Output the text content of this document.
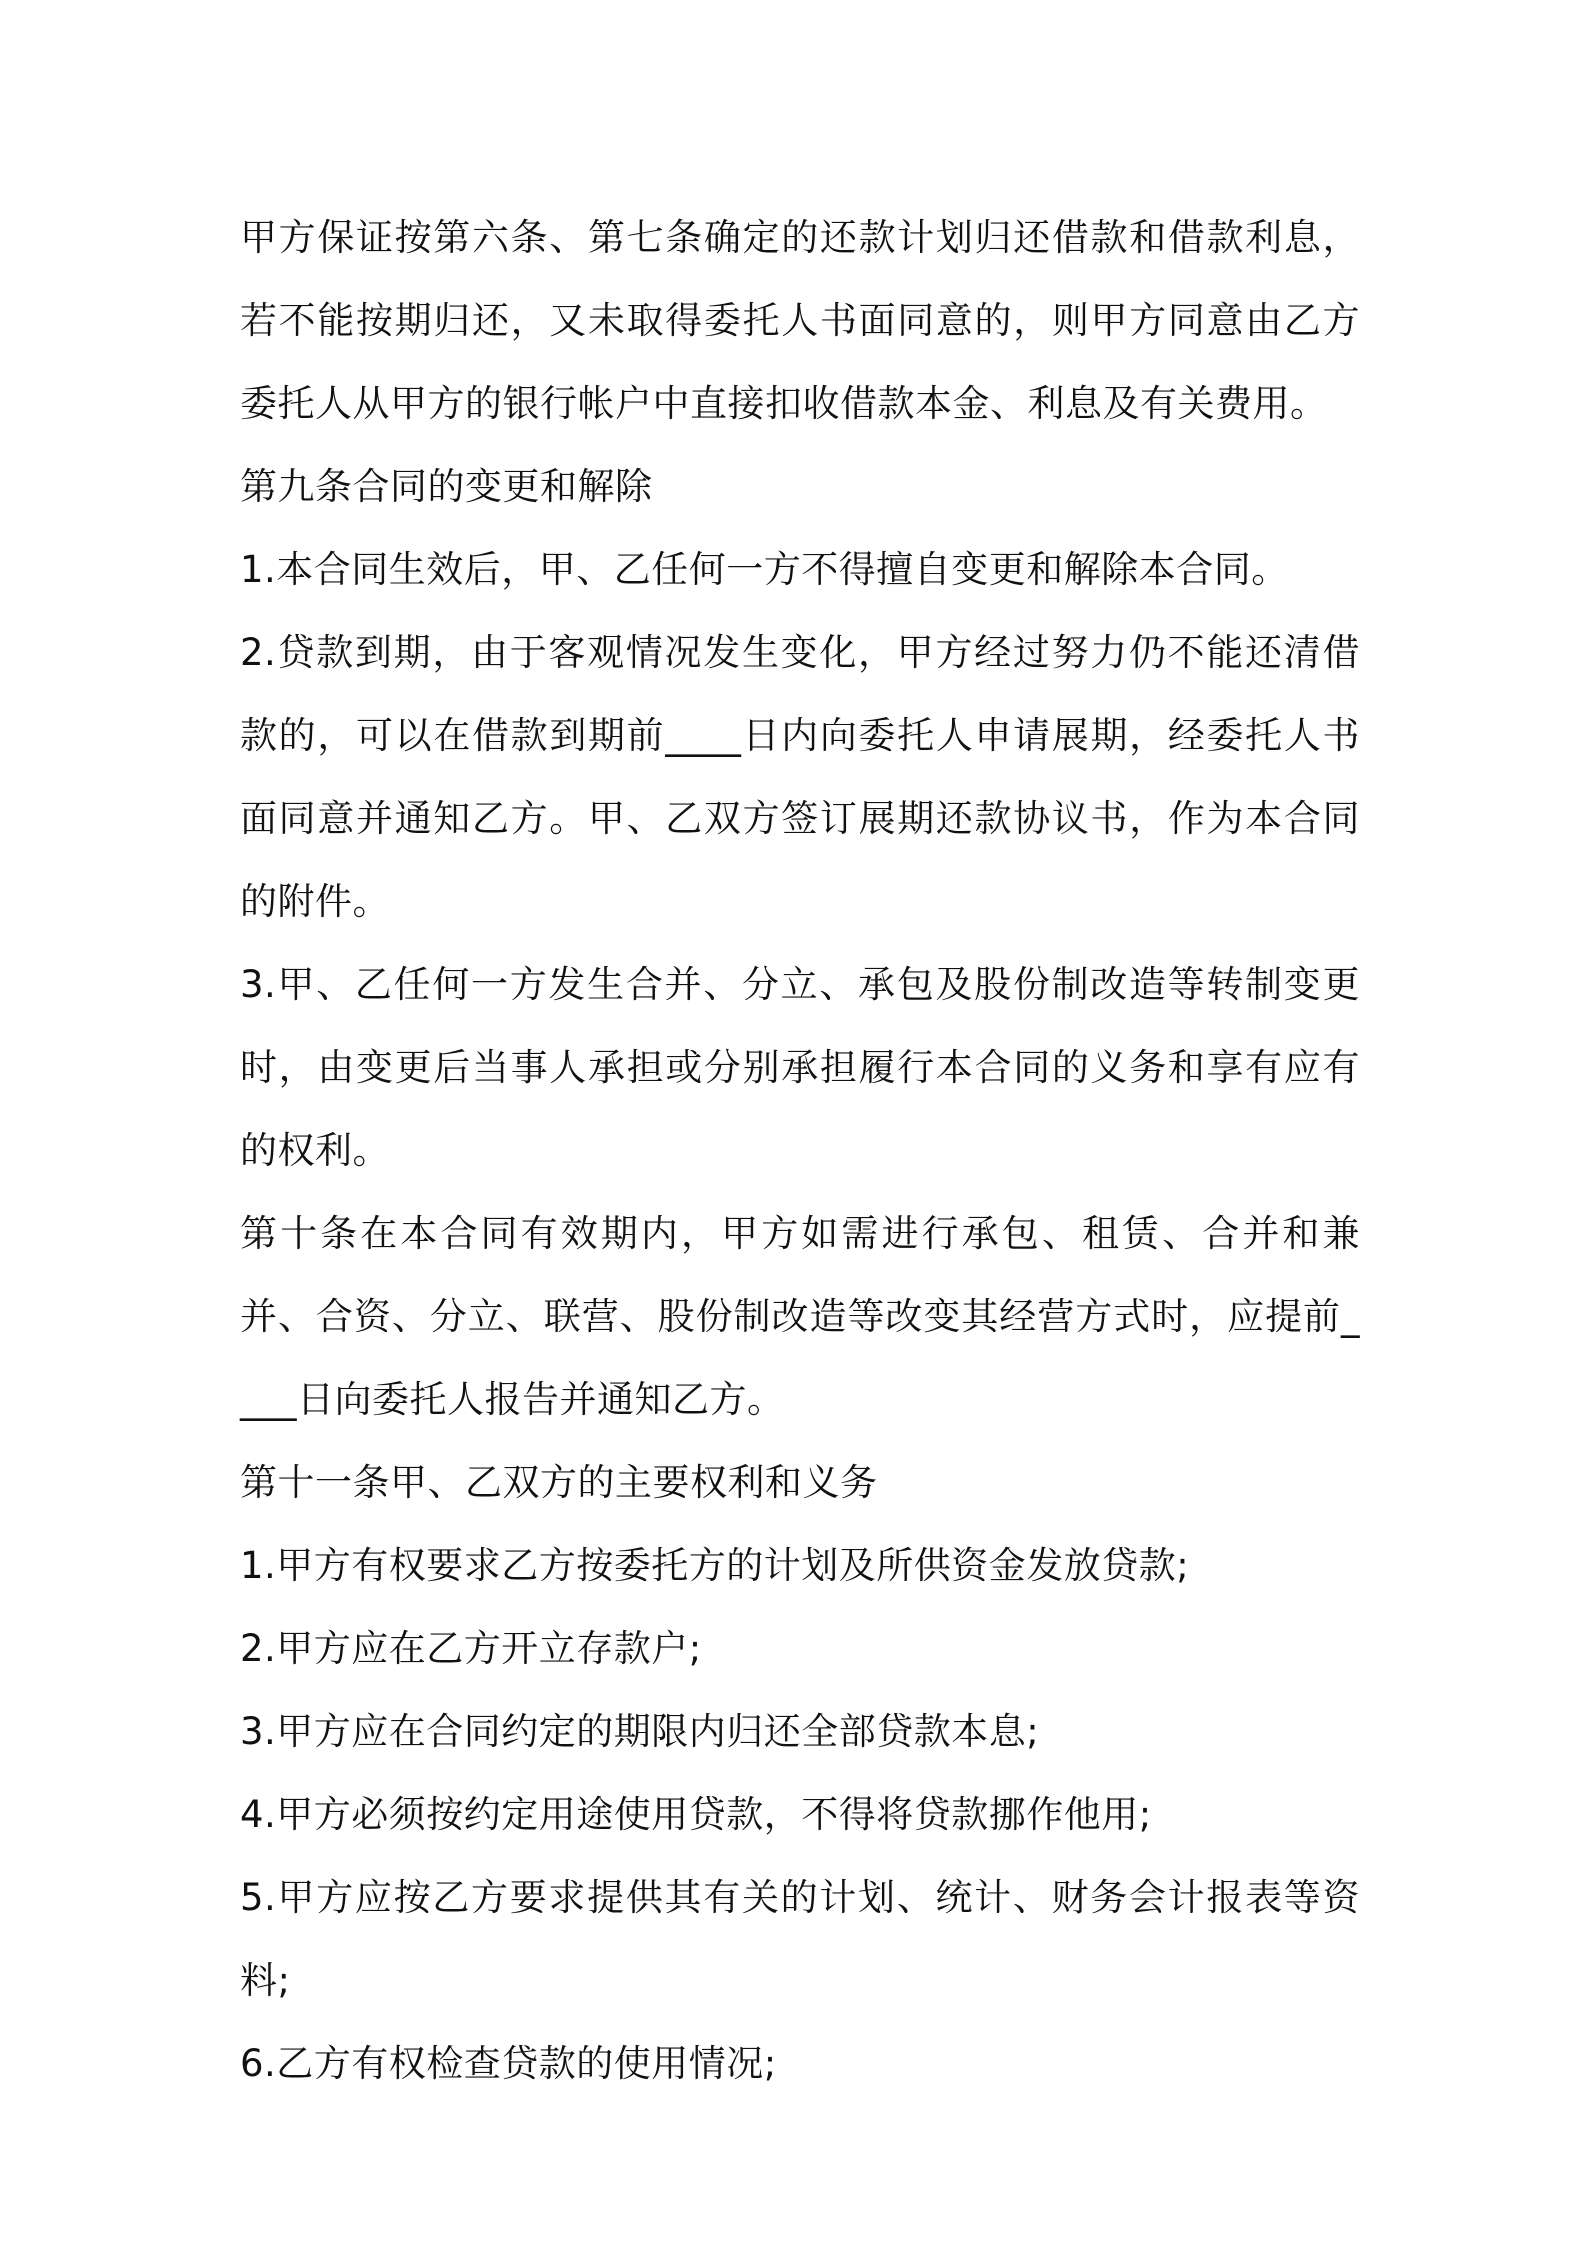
甲方保证按第六条、第七条确定的还款计划归还借款和借款利息，若不能按期归还，又未取得委托人书面同意的，则甲方同意由乙方委托人从甲方的银行帐户中直接扣收借款本金、利息及有关费用。

第九条合同的变更和解除

1.本合同生效后，甲、乙任何一方不得擅自变更和解除本合同。

2.贷款到期，由于客观情况发生变化，甲方经过努力仍不能还清借款的，可以在借款到期前____日内向委托人申请展期，经委托人书面同意并通知乙方。甲、乙双方签订展期还款协议书，作为本合同的附件。

3.甲、乙任何一方发生合并、分立、承包及股份制改造等转制变更时，由变更后当事人承担或分别承担履行本合同的义务和享有应有的权利。

第十条在本合同有效期内，甲方如需进行承包、租赁、合并和兼并、合资、分立、联营、股份制改造等改变其经营方式时，应提前____日向委托人报告并通知乙方。

第十一条甲、乙双方的主要权利和义务

1.甲方有权要求乙方按委托方的计划及所供资金发放贷款;

2.甲方应在乙方开立存款户;

3.甲方应在合同约定的期限内归还全部贷款本息;

4.甲方必须按约定用途使用贷款，不得将贷款挪作他用;

5.甲方应按乙方要求提供其有关的计划、统计、财务会计报表等资料;

6.乙方有权检查贷款的使用情况;
